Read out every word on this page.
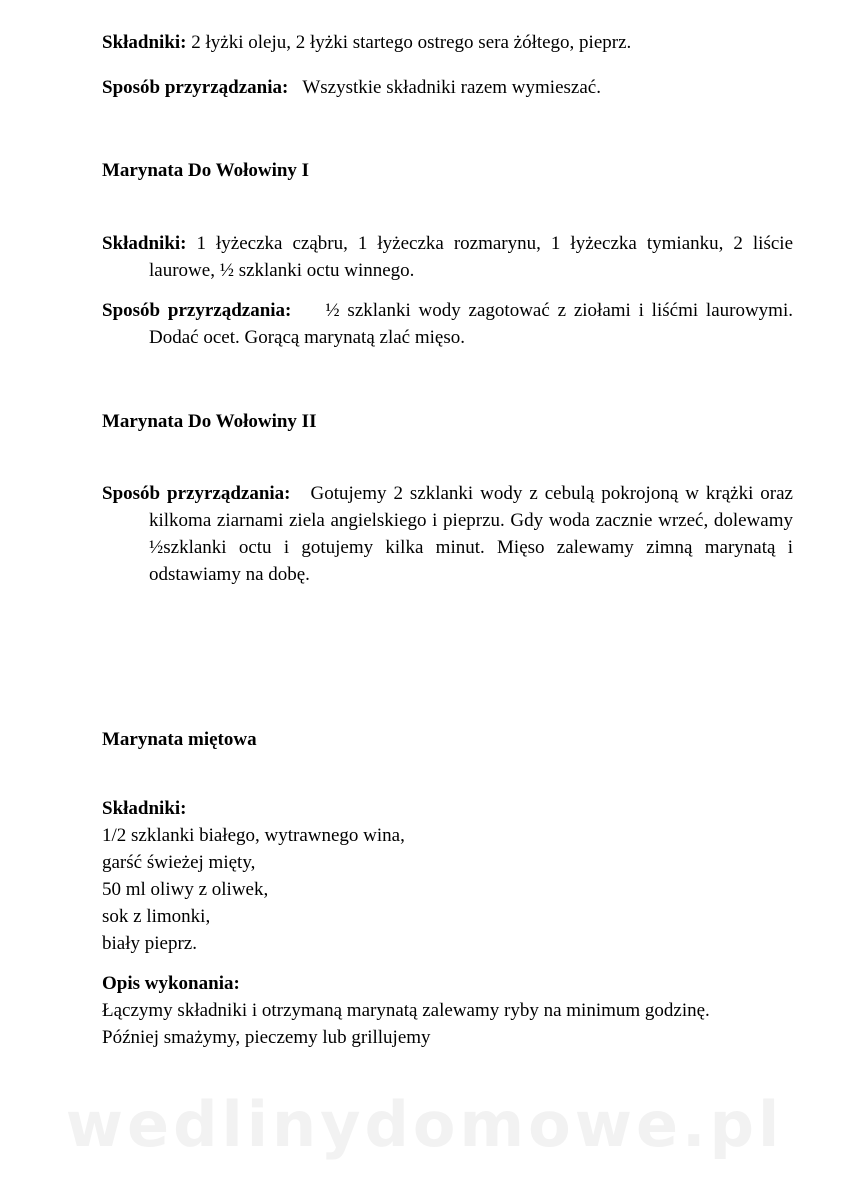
Składniki: 2 łyżki oleju, 2 łyżki startego ostrego sera żółtego, pieprz.
Sposób przyrządzania: Wszystkie składniki razem wymieszać.
Marynata Do Wołowiny I
Składniki: 1 łyżeczka cząbru, 1 łyżeczka rozmarynu, 1 łyżeczka tymianku, 2 liście laurowe, ½ szklanki octu winnego.
Sposób przyrządzania: ½ szklanki wody zagotować z ziołami i liśćmi laurowymi. Dodać ocet. Gorącą marynatą zlać mięso.
Marynata Do Wołowiny II
Sposób przyrządzania: Gotujemy 2 szklanki wody z cebulą pokrojoną w krążki oraz kilkoma ziarnami ziela angielskiego i pieprzu. Gdy woda zacznie wrzeć, dolewamy ½szklanki octu i gotujemy kilka minut. Mięso zalewamy zimną marynatą i odstawiamy na dobę.
Marynata miętowa
Składniki:
1/2 szklanki białego, wytrawnego wina,
garść świeżej mięty,
50 ml oliwy z oliwek,
sok z limonki,
biały pieprz.
Opis wykonania:
Łączymy składniki i otrzymaną marynatą zalewamy ryby na minimum godzinę.
Później smażymy, pieczemy lub grillujemy
wedlinydomowe.pl
